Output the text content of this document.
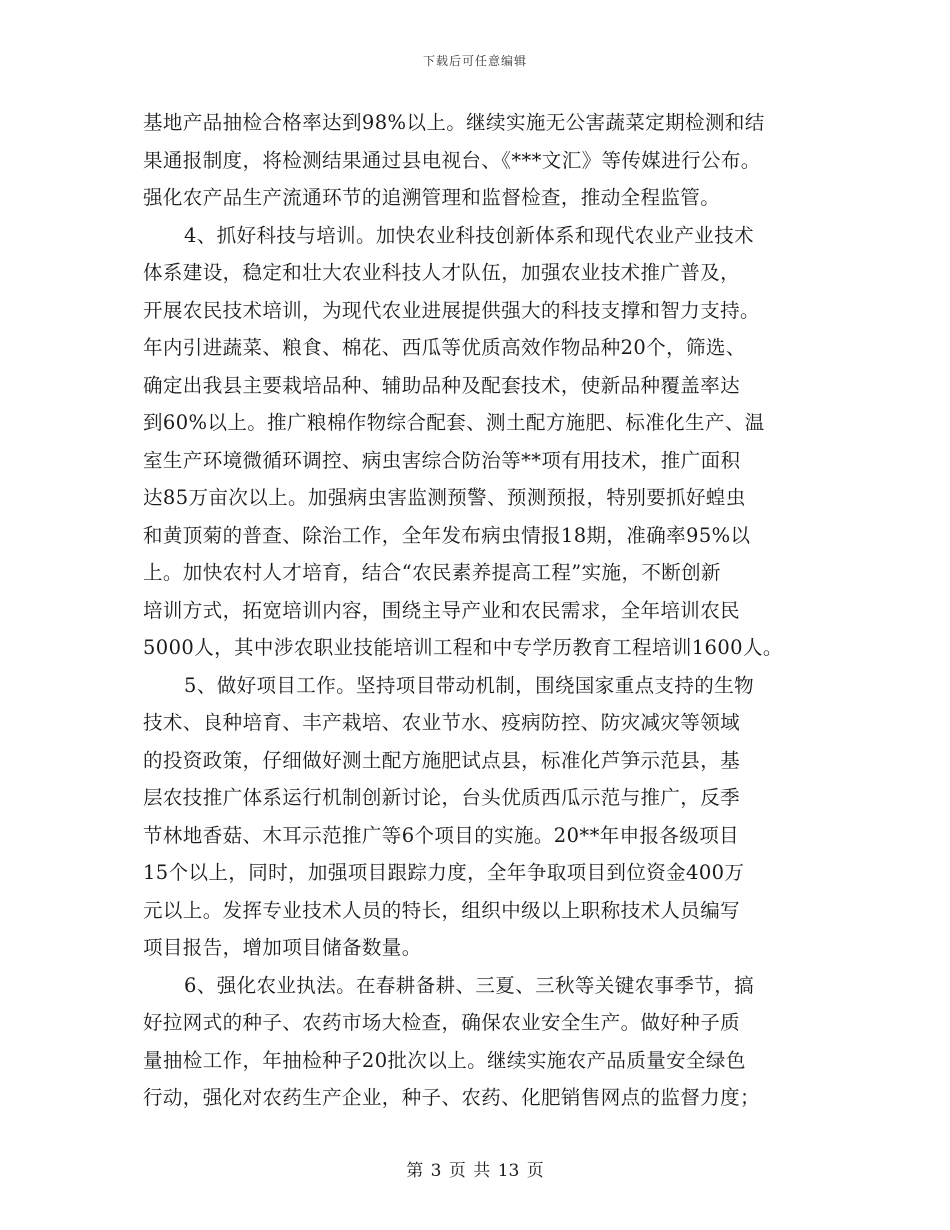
下载后可任意编辑
基地产品抽检合格率达到98%以上。继续实施无公害蔬菜定期检测和结
果通报制度，将检测结果通过县电视台、《***文汇》等传媒进行公布。
强化农产品生产流通环节的追溯管理和监督检查，推动全程监管。
4、抓好科技与培训。加快农业科技创新体系和现代农业产业技术
体系建设，稳定和壮大农业科技人才队伍，加强农业技术推广普及，
开展农民技术培训，为现代农业进展提供强大的科技支撑和智力支持。
年内引进蔬菜、粮食、棉花、西瓜等优质高效作物品种20个，筛选、
确定出我县主要栽培品种、辅助品种及配套技术，使新品种覆盖率达
到60%以上。推广粮棉作物综合配套、测土配方施肥、标准化生产、温
室生产环境微循环调控、病虫害综合防治等**项有用技术，推广面积
达85万亩次以上。加强病虫害监测预警、预测预报，特别要抓好蝗虫
和黄顶菊的普查、除治工作，全年发布病虫情报18期，准确率95%以
上。加快农村人才培育，结合“农民素养提高工程”实施，不断创新
培训方式，拓宽培训内容，围绕主导产业和农民需求，全年培训农民
5000人，其中涉农职业技能培训工程和中专学历教育工程培训1600人。
5、做好项目工作。坚持项目带动机制，围绕国家重点支持的生物
技术、良种培育、丰产栽培、农业节水、疫病防控、防灾减灾等领域
的投资政策，仔细做好测土配方施肥试点县，标准化芦笋示范县，基
层农技推广体系运行机制创新讨论，台头优质西瓜示范与推广，反季
节林地香菇、木耳示范推广等6个项目的实施。20**年申报各级项目
15个以上，同时，加强项目跟踪力度，全年争取项目到位资金400万
元以上。发挥专业技术人员的特长，组织中级以上职称技术人员编写
项目报告，增加项目储备数量。
6、强化农业执法。在春耕备耕、三夏、三秋等关键农事季节，搞
好拉网式的种子、农药市场大检查，确保农业安全生产。做好种子质
量抽检工作，年抽检种子20批次以上。继续实施农产品质量安全绿色
行动，强化对农药生产企业，种子、农药、化肥销售网点的监督力度；
第 3 页 共 13 页
